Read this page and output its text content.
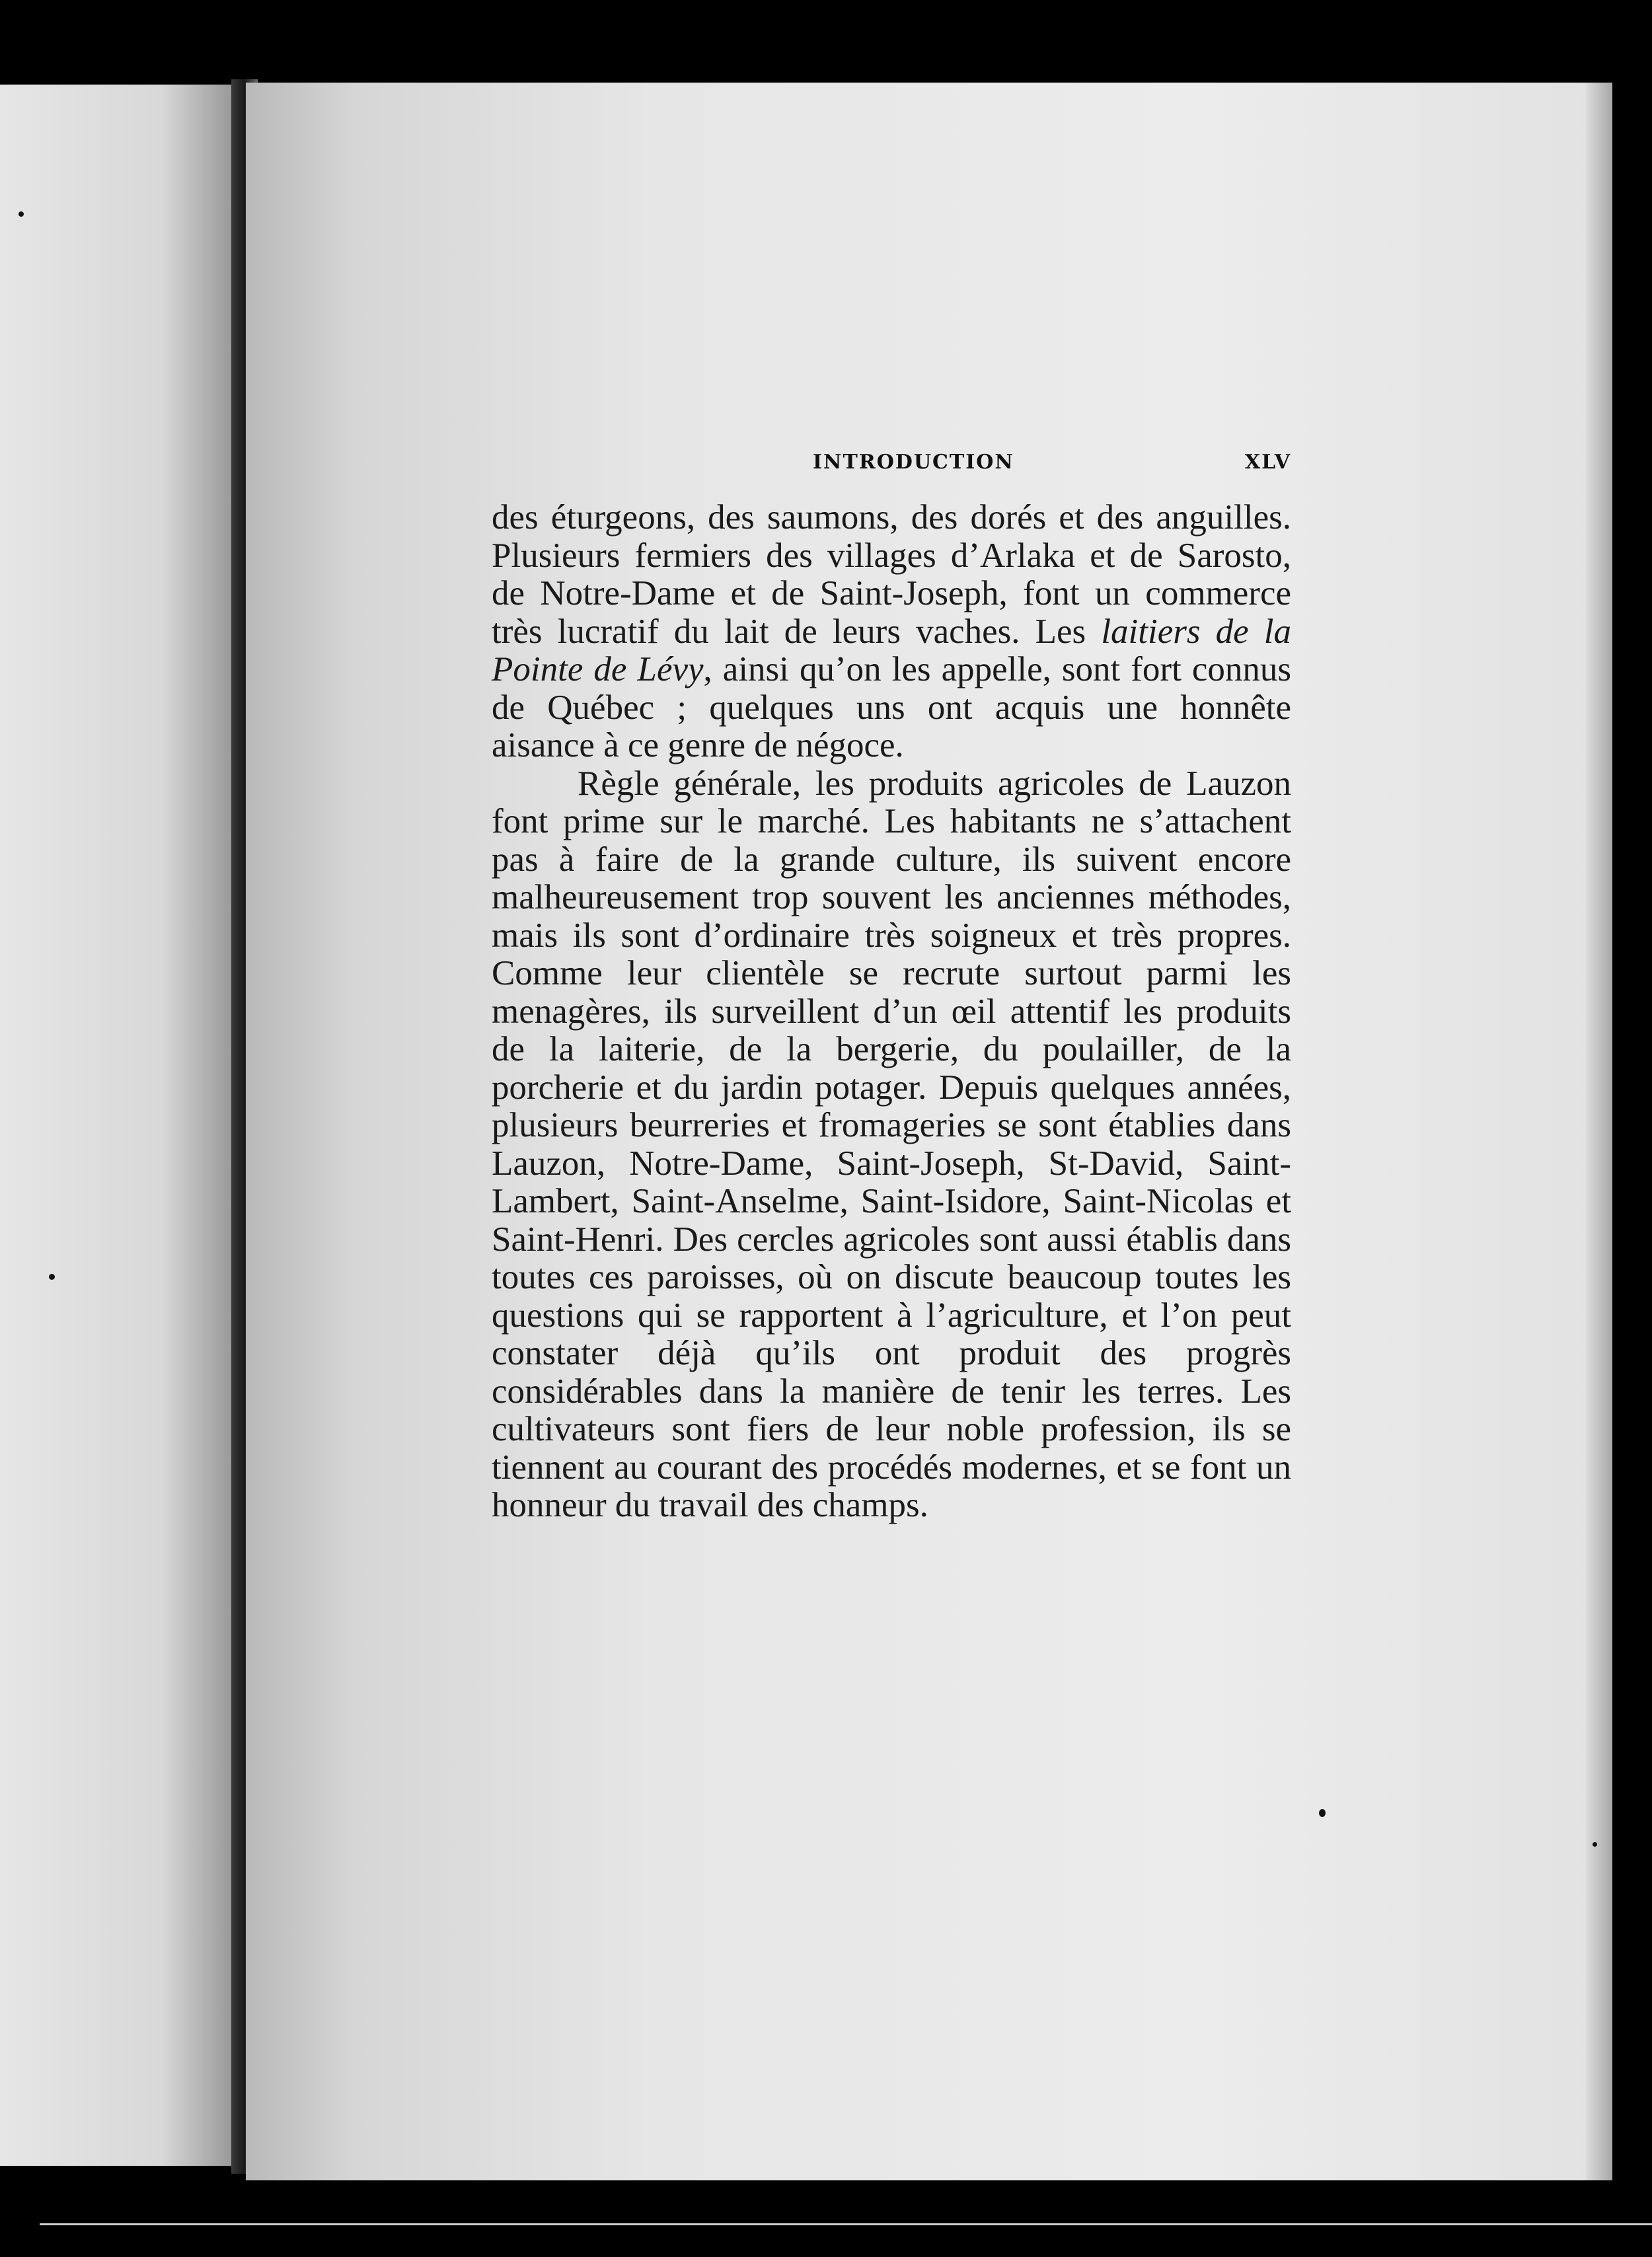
INTRODUCTION	XLV

des éturgeons, des saumons, des dorés et des anguilles. Plusieurs fermiers des villages d’Arlaka et de Sarosto, de Notre-Dame et de Saint-Joseph, font un commerce très lucratif du lait de leurs vaches. Les laitiers de la Pointe de Lévy, ainsi qu’on les appelle, sont fort connus de Québec ; quelques uns ont acquis une honnête aisance à ce genre de négoce.

Règle générale, les produits agricoles de Lauzon font prime sur le marché. Les habitants ne s’attachent pas à faire de la grande culture, ils suivent encore malheureusement trop souvent les anciennes méthodes, mais ils sont d’ordinaire très soigneux et très propres. Comme leur clientèle se recrute surtout parmi les menagères, ils surveillent d’un œil attentif les produits de la laiterie, de la bergerie, du poulailler, de la porcherie et du jardin potager. Depuis quelques années, plusieurs beurreries et fromageries se sont établies dans Lauzon, Notre-Dame, Saint-Joseph, St-David, Saint-Lambert, Saint-Anselme, Saint-Isidore, Saint-Nicolas et Saint-Henri. Des cercles agricoles sont aussi établis dans toutes ces paroisses, où on discute beaucoup toutes les questions qui se rapportent à l’agriculture, et l’on peut constater déjà qu’ils ont produit des progrès considérables dans la manière de tenir les terres. Les cultivateurs sont fiers de leur noble profession, ils se tiennent au courant des procédés modernes, et se font un honneur du travail des champs.
